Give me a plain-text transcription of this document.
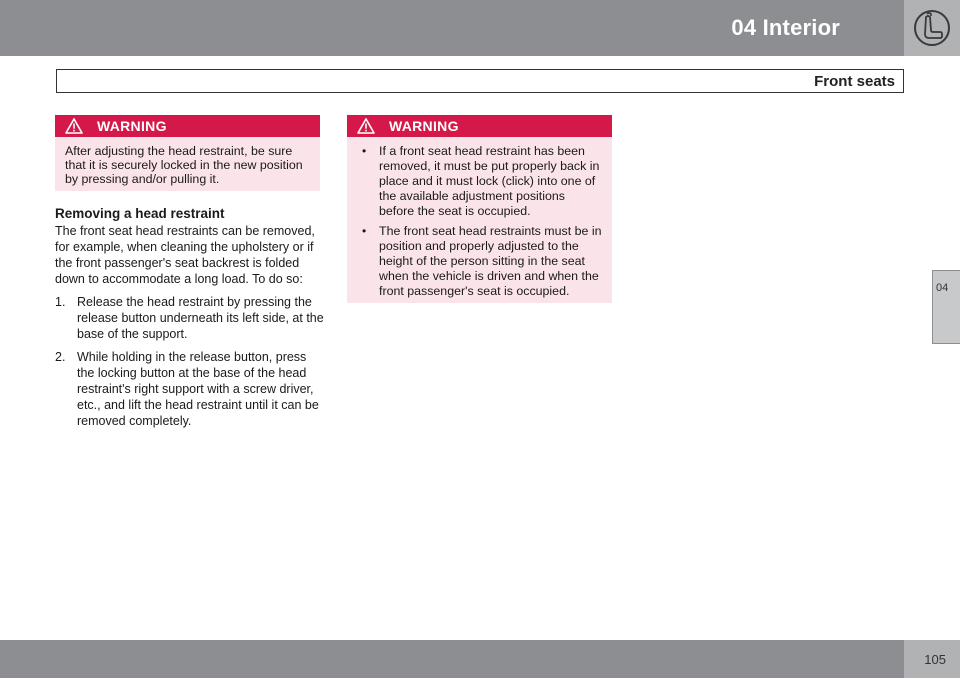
04 Interior
Front seats
04
WARNING
After adjusting the head restraint, be sure that it is securely locked in the new position by pressing and/or pulling it.
Removing a head restraint

The front seat head restraints can be removed, for example, when cleaning the upholstery or if the front passenger's seat backrest is folded down to accommodate a long load. To do so:

1. Release the head restraint by pressing the release button underneath its left side, at the base of the support.
2. While holding in the release button, press the locking button at the base of the head restraint's right support with a screw driver, etc., and lift the head restraint until it can be removed completely.
WARNING
• If a front seat head restraint has been removed, it must be put properly back in place and it must lock (click) into one of the available adjustment positions before the seat is occupied.
• The front seat head restraints must be in position and properly adjusted to the height of the person sitting in the seat when the vehicle is driven and when the front passenger's seat is occupied.
105
